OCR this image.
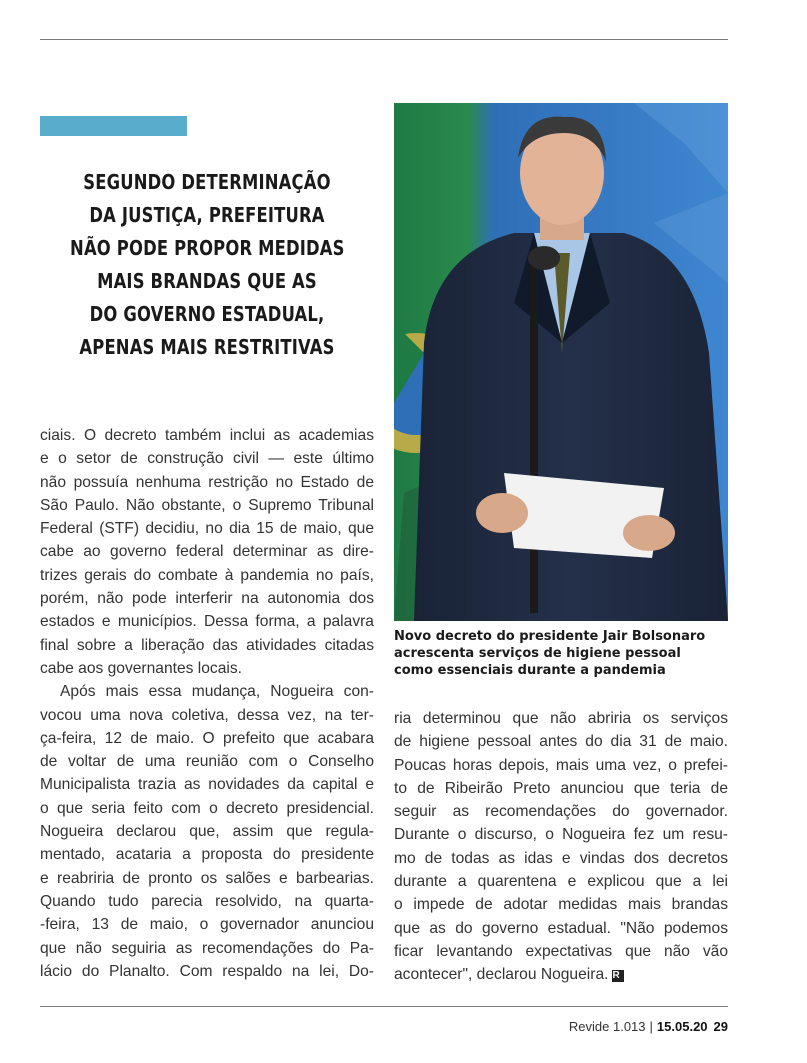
SEGUNDO DETERMINAÇÃO
DA JUSTIÇA, PREFEITURA
NÃO PODE PROPOR MEDIDAS
MAIS BRANDAS QUE AS
DO GOVERNO ESTADUAL,
APENAS MAIS RESTRITIVAS

ciais. O decreto também inclui as academias
e o setor de construção civil — este último
não possuía nenhuma restrição no Estado de
São Paulo. Não obstante, o Supremo Tribunal
Federal (STF) decidiu, no dia 15 de maio, que
cabe ao governo federal determinar as dire-
trizes gerais do combate à pandemia no país,
porém, não pode interferir na autonomia dos
estados e municípios. Dessa forma, a palavra
final sobre a liberação das atividades citadas
cabe aos governantes locais.

Após mais essa mudança, Nogueira con-
vocou uma nova coletiva, dessa vez, na ter-
ça-feira, 12 de maio. O prefeito que acabara
de voltar de uma reunião com o Conselho
Municipalista trazia as novidades da capital e
o que seria feito com o decreto presidencial.
Nogueira declarou que, assim que regula-
mentado, acataria a proposta do presidente
e reabriria de pronto os salões e barbearias.
Quando tudo parecia resolvido, na quarta-
-feira, 13 de maio, o governador anunciou
que não seguiria as recomendações do Pa-
lácio do Planalto. Com respaldo na lei, Do-

Novo decreto do presidente Jair Bolsonaro
acrescenta serviços de higiene pessoal
como essenciais durante a pandemia

ria determinou que não abriria os serviços
de higiene pessoal antes do dia 31 de maio.
Poucas horas depois, mais uma vez, o prefei-
to de Ribeirão Preto anunciou que teria de
seguir as recomendações do governador.
Durante o discurso, o Nogueira fez um resu-
mo de todas as idas e vindas dos decretos
durante a quarentena e explicou que a lei
o impede de adotar medidas mais brandas
que as do governo estadual. "Não podemos
ficar levantando expectativas que não vão
acontecer", declarou Nogueira. R

Revide 1.013 | 15.05.20 29
